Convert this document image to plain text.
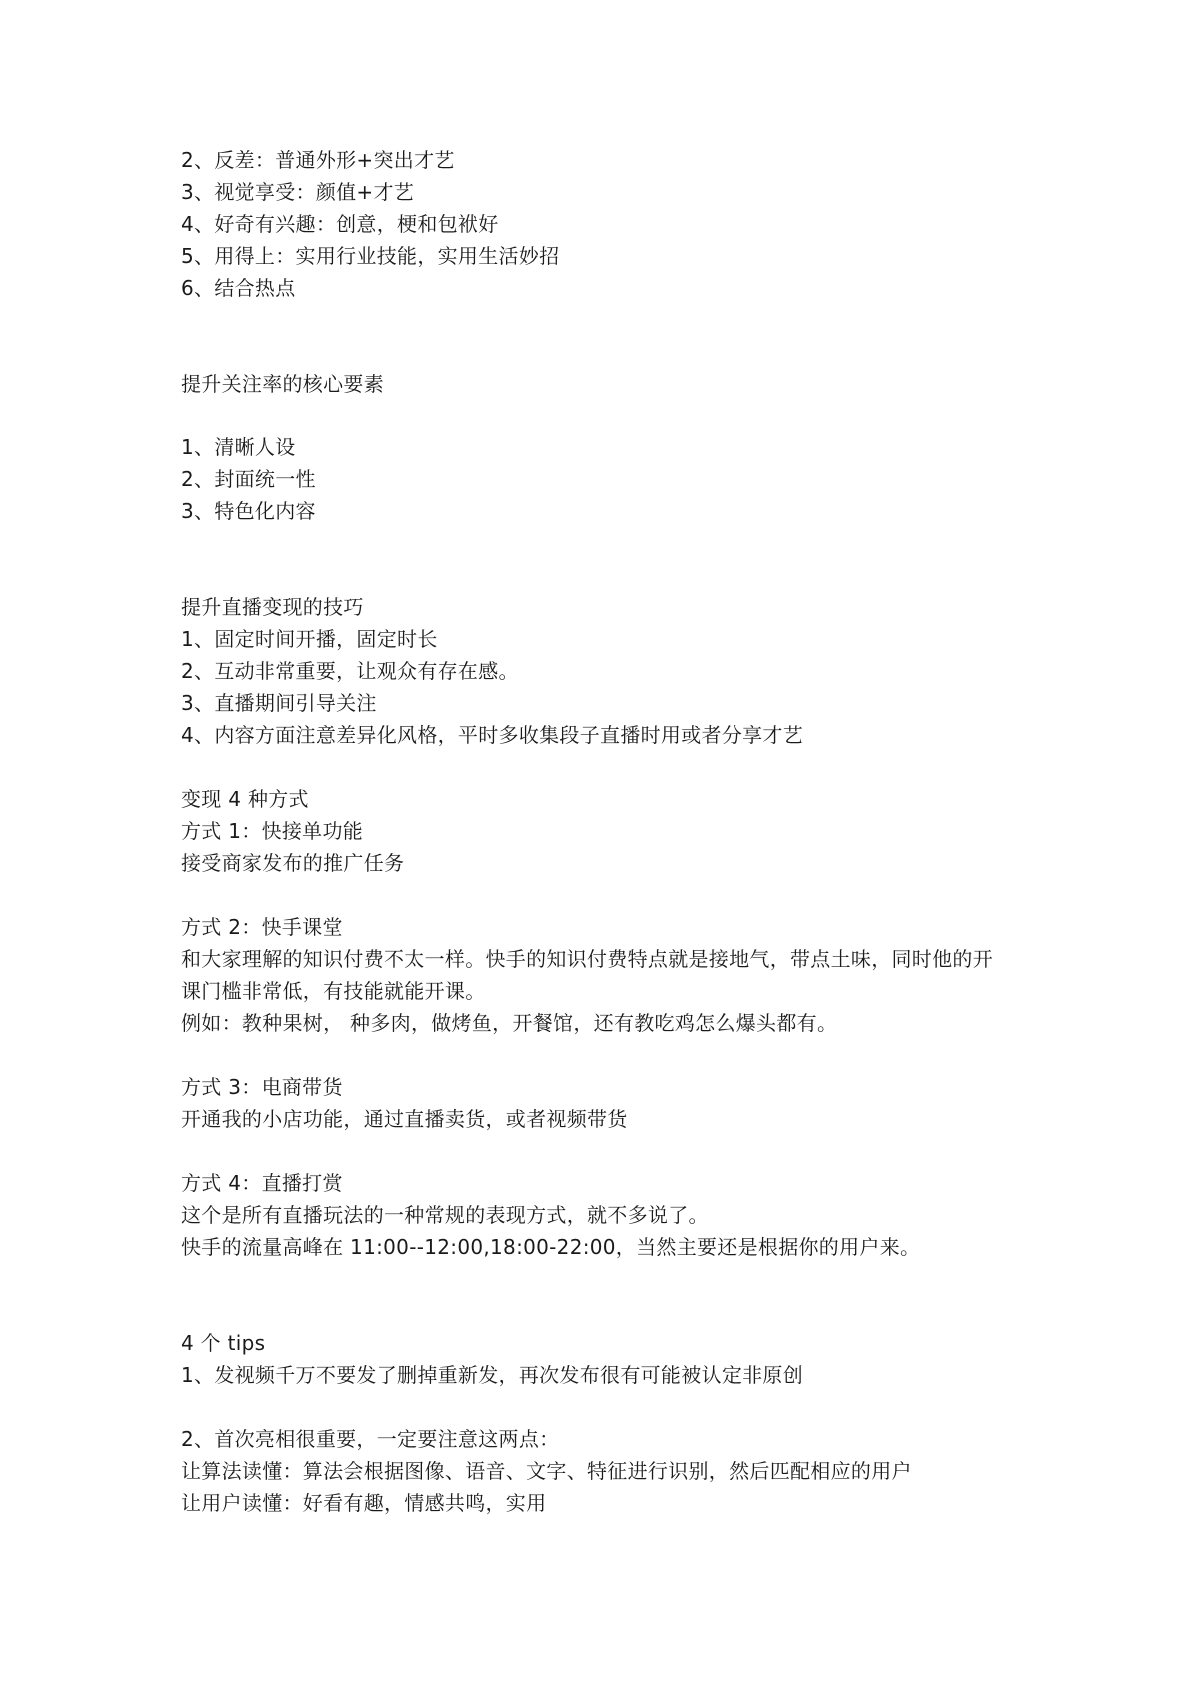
2、反差：普通外形+突出才艺
3、视觉享受：颜值+才艺
4、好奇有兴趣：创意，梗和包袱好
5、用得上：实用行业技能，实用生活妙招
6、结合热点
提升关注率的核心要素
1、清晰人设
2、封面统一性
3、特色化内容
提升直播变现的技巧
1、固定时间开播，固定时长
2、互动非常重要，让观众有存在感。
3、直播期间引导关注
4、内容方面注意差异化风格，平时多收集段子直播时用或者分享才艺
变现 4 种方式
方式 1：快接单功能
接受商家发布的推广任务
方式 2：快手课堂
和大家理解的知识付费不太一样。快手的知识付费特点就是接地气，带点土味，同时他的开
课门槛非常低，有技能就能开课。
例如：教种果树， 种多肉，做烤鱼，开餐馆，还有教吃鸡怎么爆头都有。
方式 3：电商带货
开通我的小店功能，通过直播卖货，或者视频带货
方式 4：直播打赏
这个是所有直播玩法的一种常规的表现方式，就不多说了。
快手的流量高峰在 11:00--12:00,18:00-22:00，当然主要还是根据你的用户来。
4 个 tips
1、发视频千万不要发了删掉重新发，再次发布很有可能被认定非原创
2、首次亮相很重要，一定要注意这两点：
让算法读懂：算法会根据图像、语音、文字、特征进行识别，然后匹配相应的用户
让用户读懂：好看有趣，情感共鸣，实用
